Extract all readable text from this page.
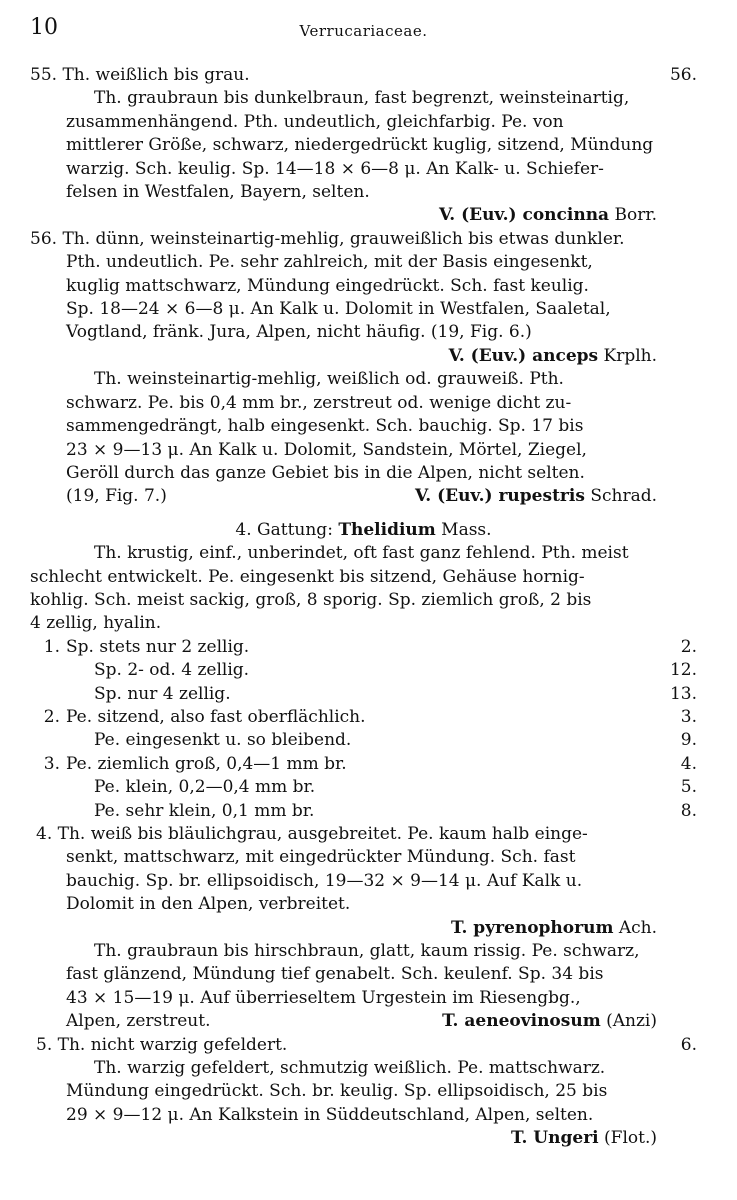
10	Verrucariaceae.
55. Th. weißlich bis grau.	56.
Th. graubraun bis dunkelbraun, fast begrenzt, weinsteinartig,
zusammenhängend. Pth. undeutlich, gleichfarbig. Pe. von
mittlerer Größe, schwarz, niedergedrückt kuglig, sitzend, Mündung
warzig. Sch. keulig. Sp. 14—18 × 6—8 μ. An Kalk- u. Schiefer-
felsen in Westfalen, Bayern, selten.
V. (Euv.) concinna Borr.
56. Th. dünn, weinsteinartig-mehlig, grauweißlich bis etwas dunkler.
Pth. undeutlich. Pe. sehr zahlreich, mit der Basis eingesenkt,
kuglig mattschwarz, Mündung eingedrückt. Sch. fast keulig.
Sp. 18—24 × 6—8 μ. An Kalk u. Dolomit in Westfalen, Saaletal,
Vogtland, fränk. Jura, Alpen, nicht häufig. (19, Fig. 6.)
V. (Euv.) anceps Krplh.
Th. weinsteinartig-mehlig, weißlich od. grauweiß. Pth.
schwarz. Pe. bis 0,4 mm br., zerstreut od. wenige dicht zu-
sammengedrängt, halb eingesenkt. Sch. bauchig. Sp. 17 bis
23 × 9—13 μ. An Kalk u. Dolomit, Sandstein, Mörtel, Ziegel,
Geröll durch das ganze Gebiet bis in die Alpen, nicht selten.
(19, Fig. 7.)	V. (Euv.) rupestris Schrad.
4. Gattung: Thelidium Mass.
Th. krustig, einf., unberindet, oft fast ganz fehlend. Pth. meist
schlecht entwickelt. Pe. eingesenkt bis sitzend, Gehäuse hornig-
kohlig. Sch. meist sackig, groß, 8 sporig. Sp. ziemlich groß, 2 bis
4 zellig, hyalin.
1. Sp. stets nur 2 zellig.	2.
Sp. 2- od. 4 zellig.	12.
Sp. nur 4 zellig.	13.
2. Pe. sitzend, also fast oberflächlich.	3.
Pe. eingesenkt u. so bleibend.	9.
3. Pe. ziemlich groß, 0,4—1 mm br.	4.
Pe. klein, 0,2—0,4 mm br.	5.
Pe. sehr klein, 0,1 mm br.	8.
4. Th. weiß bis bläulichgrau, ausgebreitet. Pe. kaum halb einge-
senkt, mattschwarz, mit eingedrückter Mündung. Sch. fast
bauchig. Sp. br. ellipsoidisch, 19—32 × 9—14 μ. Auf Kalk u.
Dolomit in den Alpen, verbreitet.
T. pyrenophorum Ach.
Th. graubraun bis hirschbraun, glatt, kaum rissig. Pe. schwarz,
fast glänzend, Mündung tief genabelt. Sch. keulenf. Sp. 34 bis
43 × 15—19 μ. Auf überrieseltem Urgestein im Riesengbg.,
Alpen, zerstreut.	T. aeneovinosum (Anzi)
5. Th. nicht warzig gefeldert.	6.
Th. warzig gefeldert, schmutzig weißlich. Pe. mattschwarz.
Mündung eingedrückt. Sch. br. keulig. Sp. ellipsoidisch, 25 bis
29 × 9—12 μ. An Kalkstein in Süddeutschland, Alpen, selten.
T. Ungeri (Flot.)
